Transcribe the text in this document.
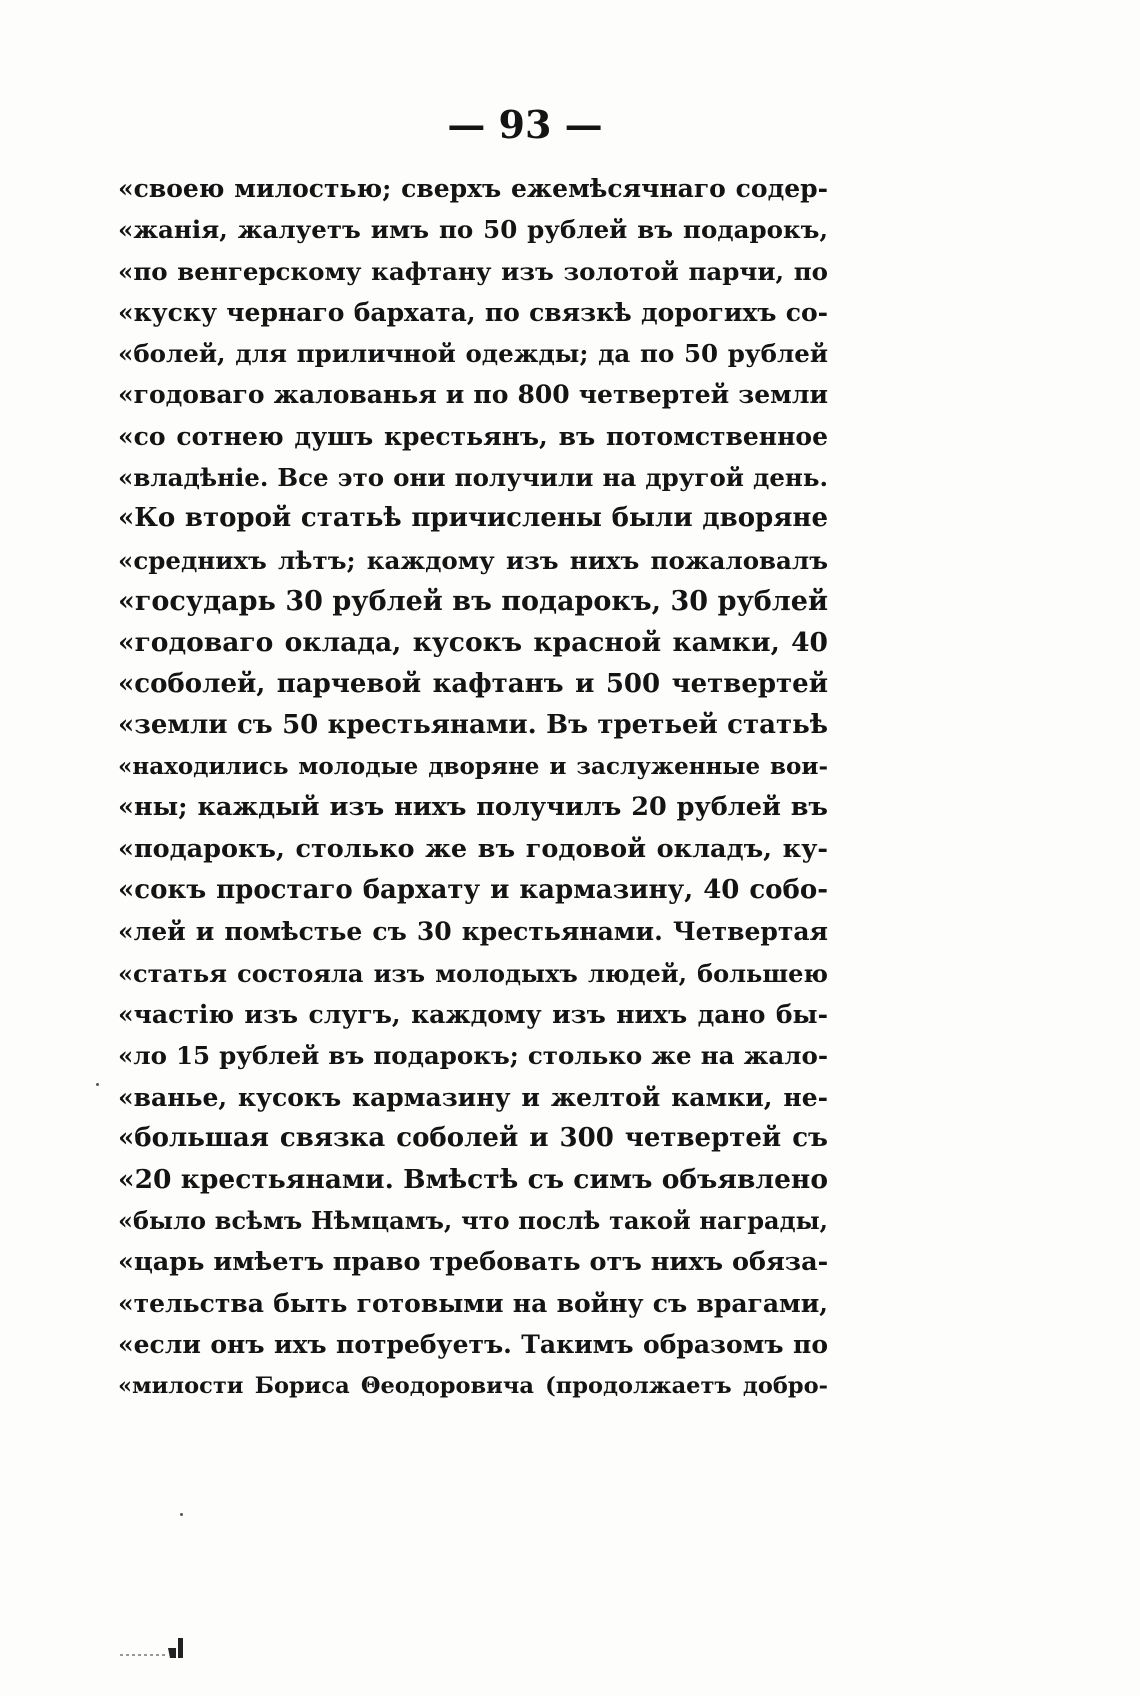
— 93 —
«своею милостью; сверхъ ежемѣсячнаго содер-
«жанія, жалуетъ имъ по 50 рублей въ подарокъ,
«по венгерскому кафтану изъ золотой парчи, по
«куску чернаго бархата, по связкѣ дорогихъ со-
«болей, для приличной одежды; да по 50 рублей
«годоваго жалованья и по 800 четвертей земли
«со сотнею душъ крестьянъ, въ потомственное
«владѣніе. Все это они получили на другой день.
«Ко второй статьѣ причислены были дворяне
«среднихъ лѣтъ; каждому изъ нихъ пожаловалъ
«государь 30 рублей въ подарокъ, 30 рублей
«годоваго оклада, кусокъ красной камки, 40
«соболей, парчевой кафтанъ и 500 четвертей
«земли съ 50 крестьянами. Въ третьей статьѣ
«находились молодые дворяне и заслуженные вои-
«ны; каждый изъ нихъ получилъ 20 рублей въ
«подарокъ, столько же въ годовой окладъ, ку-
«сокъ простаго бархату и кармазину, 40 собо-
«лей и помѣстье съ 30 крестьянами. Четвертая
«статья состояла изъ молодыхъ людей, большею
«частію изъ слугъ, каждому изъ нихъ дано бы-
«ло 15 рублей въ подарокъ; столько же на жало-
«ванье, кусокъ кармазину и желтой камки, не-
«большая связка соболей и 300 четвертей съ
«20 крестьянами. Вмѣстѣ съ симъ объявлено
«было всѣмъ Нѣмцамъ, что послѣ такой награды,
«царь имѣетъ право требовать отъ нихъ обяза-
«тельства быть готовыми на войну съ врагами,
«если онъ ихъ потребуетъ. Такимъ образомъ по
«милости Бориса Θеодоровича (продолжаетъ добро-
